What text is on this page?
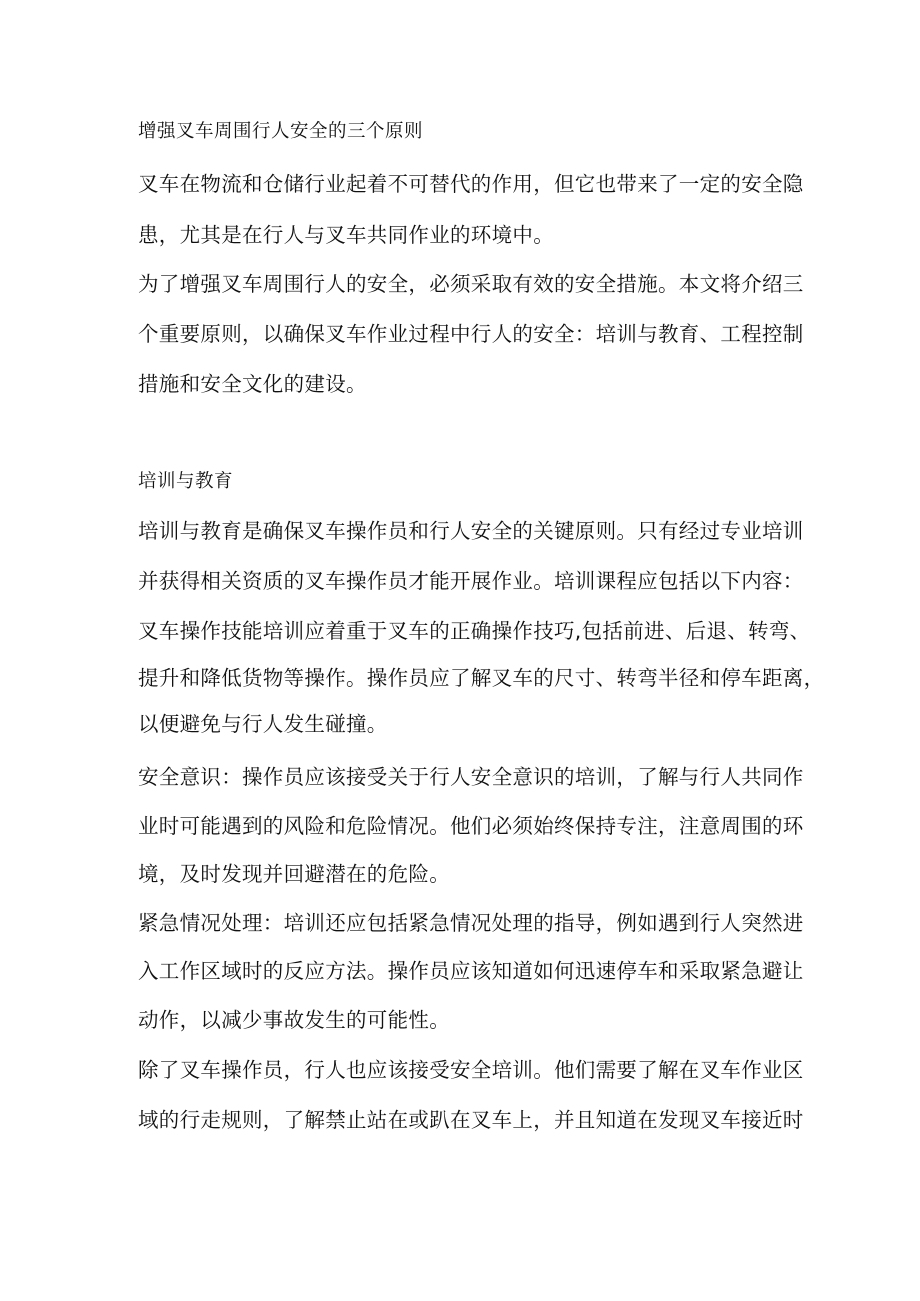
增强叉车周围行人安全的三个原则
叉车在物流和仓储行业起着不可替代的作用，但它也带来了一定的安全隐
患，尤其是在行人与叉车共同作业的环境中。
为了增强叉车周围行人的安全，必须采取有效的安全措施。本文将介绍三
个重要原则，以确保叉车作业过程中行人的安全：培训与教育、工程控制
措施和安全文化的建设。
培训与教育
培训与教育是确保叉车操作员和行人安全的关键原则。只有经过专业培训
并获得相关资质的叉车操作员才能开展作业。培训课程应包括以下内容：
叉车操作技能培训应着重于叉车的正确操作技巧,包括前进、后退、转弯、
提升和降低货物等操作。操作员应了解叉车的尺寸、转弯半径和停车距离，
以便避免与行人发生碰撞。
安全意识：操作员应该接受关于行人安全意识的培训，了解与行人共同作
业时可能遇到的风险和危险情况。他们必须始终保持专注，注意周围的环
境，及时发现并回避潜在的危险。
紧急情况处理：培训还应包括紧急情况处理的指导，例如遇到行人突然进
入工作区域时的反应方法。操作员应该知道如何迅速停车和采取紧急避让
动作，以减少事故发生的可能性。
除了叉车操作员，行人也应该接受安全培训。他们需要了解在叉车作业区
域的行走规则，了解禁止站在或趴在叉车上，并且知道在发现叉车接近时
